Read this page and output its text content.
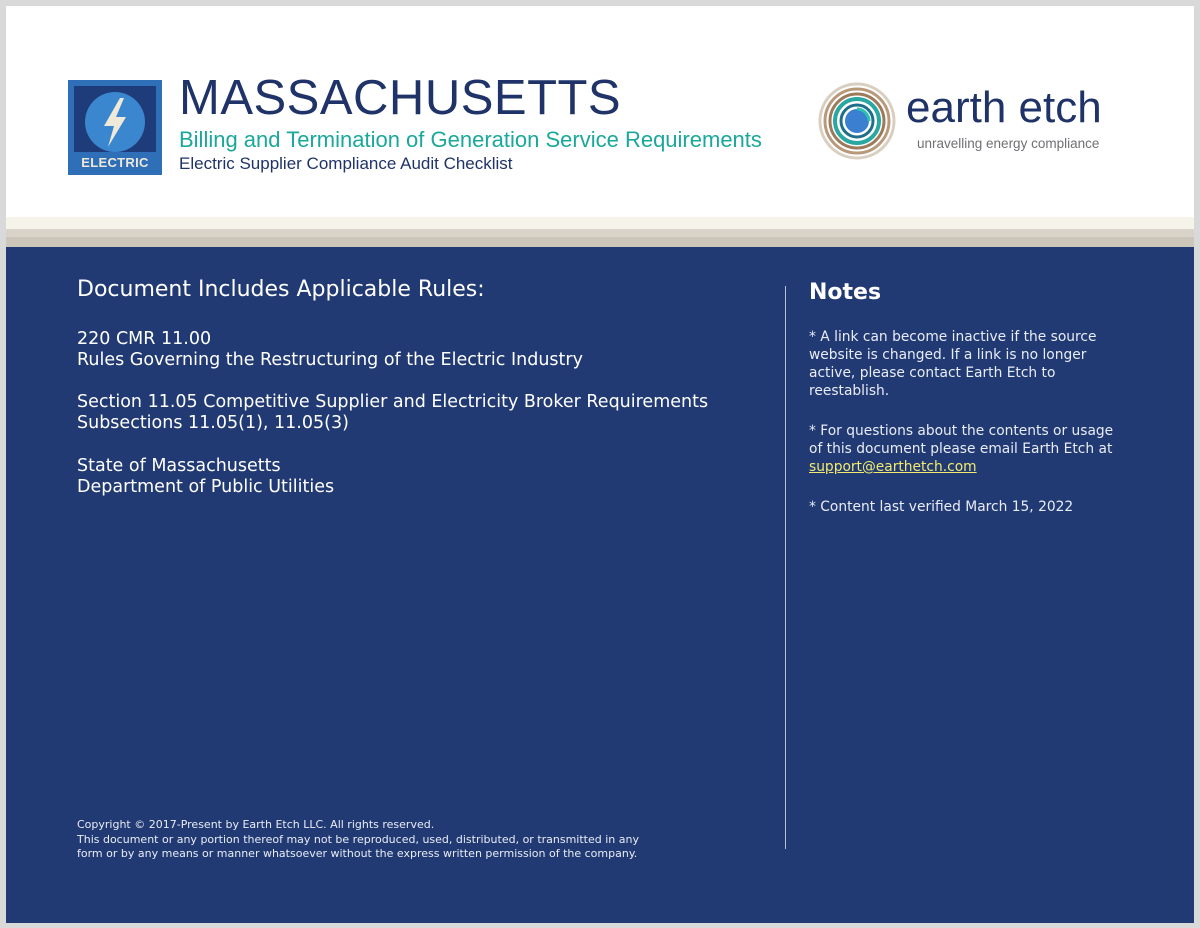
ELECTRIC
MASSACHUSETTS
Billing and Termination of Generation Service Requirements
Electric Supplier Compliance Audit Checklist
earth etch
unravelling energy compliance
Document Includes Applicable Rules:
220 CMR 11.00
Rules Governing the Restructuring of the Electric Industry
Section 11.05 Competitive Supplier and Electricity Broker Requirements
Subsections 11.05(1), 11.05(3)
State of Massachusetts
Department of Public Utilities
Notes
* A link can become inactive if the source website is changed. If a link is no longer active, please contact Earth Etch to reestablish.
* For questions about the contents or usage of this document please email Earth Etch at
support@earthetch.com
* Content last verified March 15, 2022
Copyright © 2017-Present by Earth Etch LLC. All rights reserved.
This document or any portion thereof may not be reproduced, used, distributed, or transmitted in any
form or by any means or manner whatsoever without the express written permission of the company.
